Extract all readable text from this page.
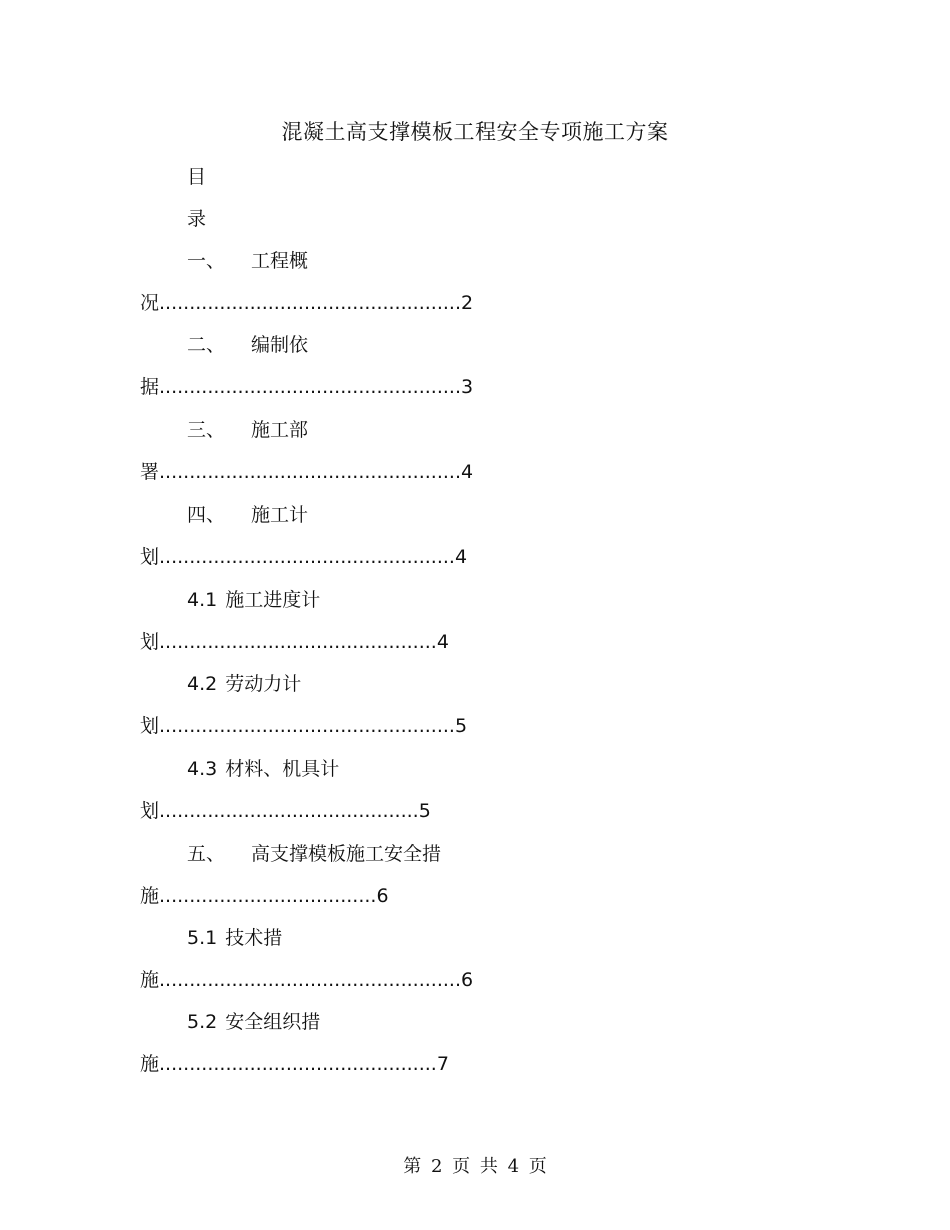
混凝土高支撑模板工程安全专项施工方案
目
录
一、 工程概
况..................................................2
二、 编制依
据..................................................3
三、 施工部
署..................................................4
四、 施工计
划.................................................4
4.1 施工进度计
划..............................................4
4.2 劳动力计
划.................................................5
4.3 材料、机具计
划...........................................5
五、 高支撑模板施工安全措
施....................................6
5.1 技术措
施..................................................6
5.2 安全组织措
施..............................................7
第 2 页 共 4 页
